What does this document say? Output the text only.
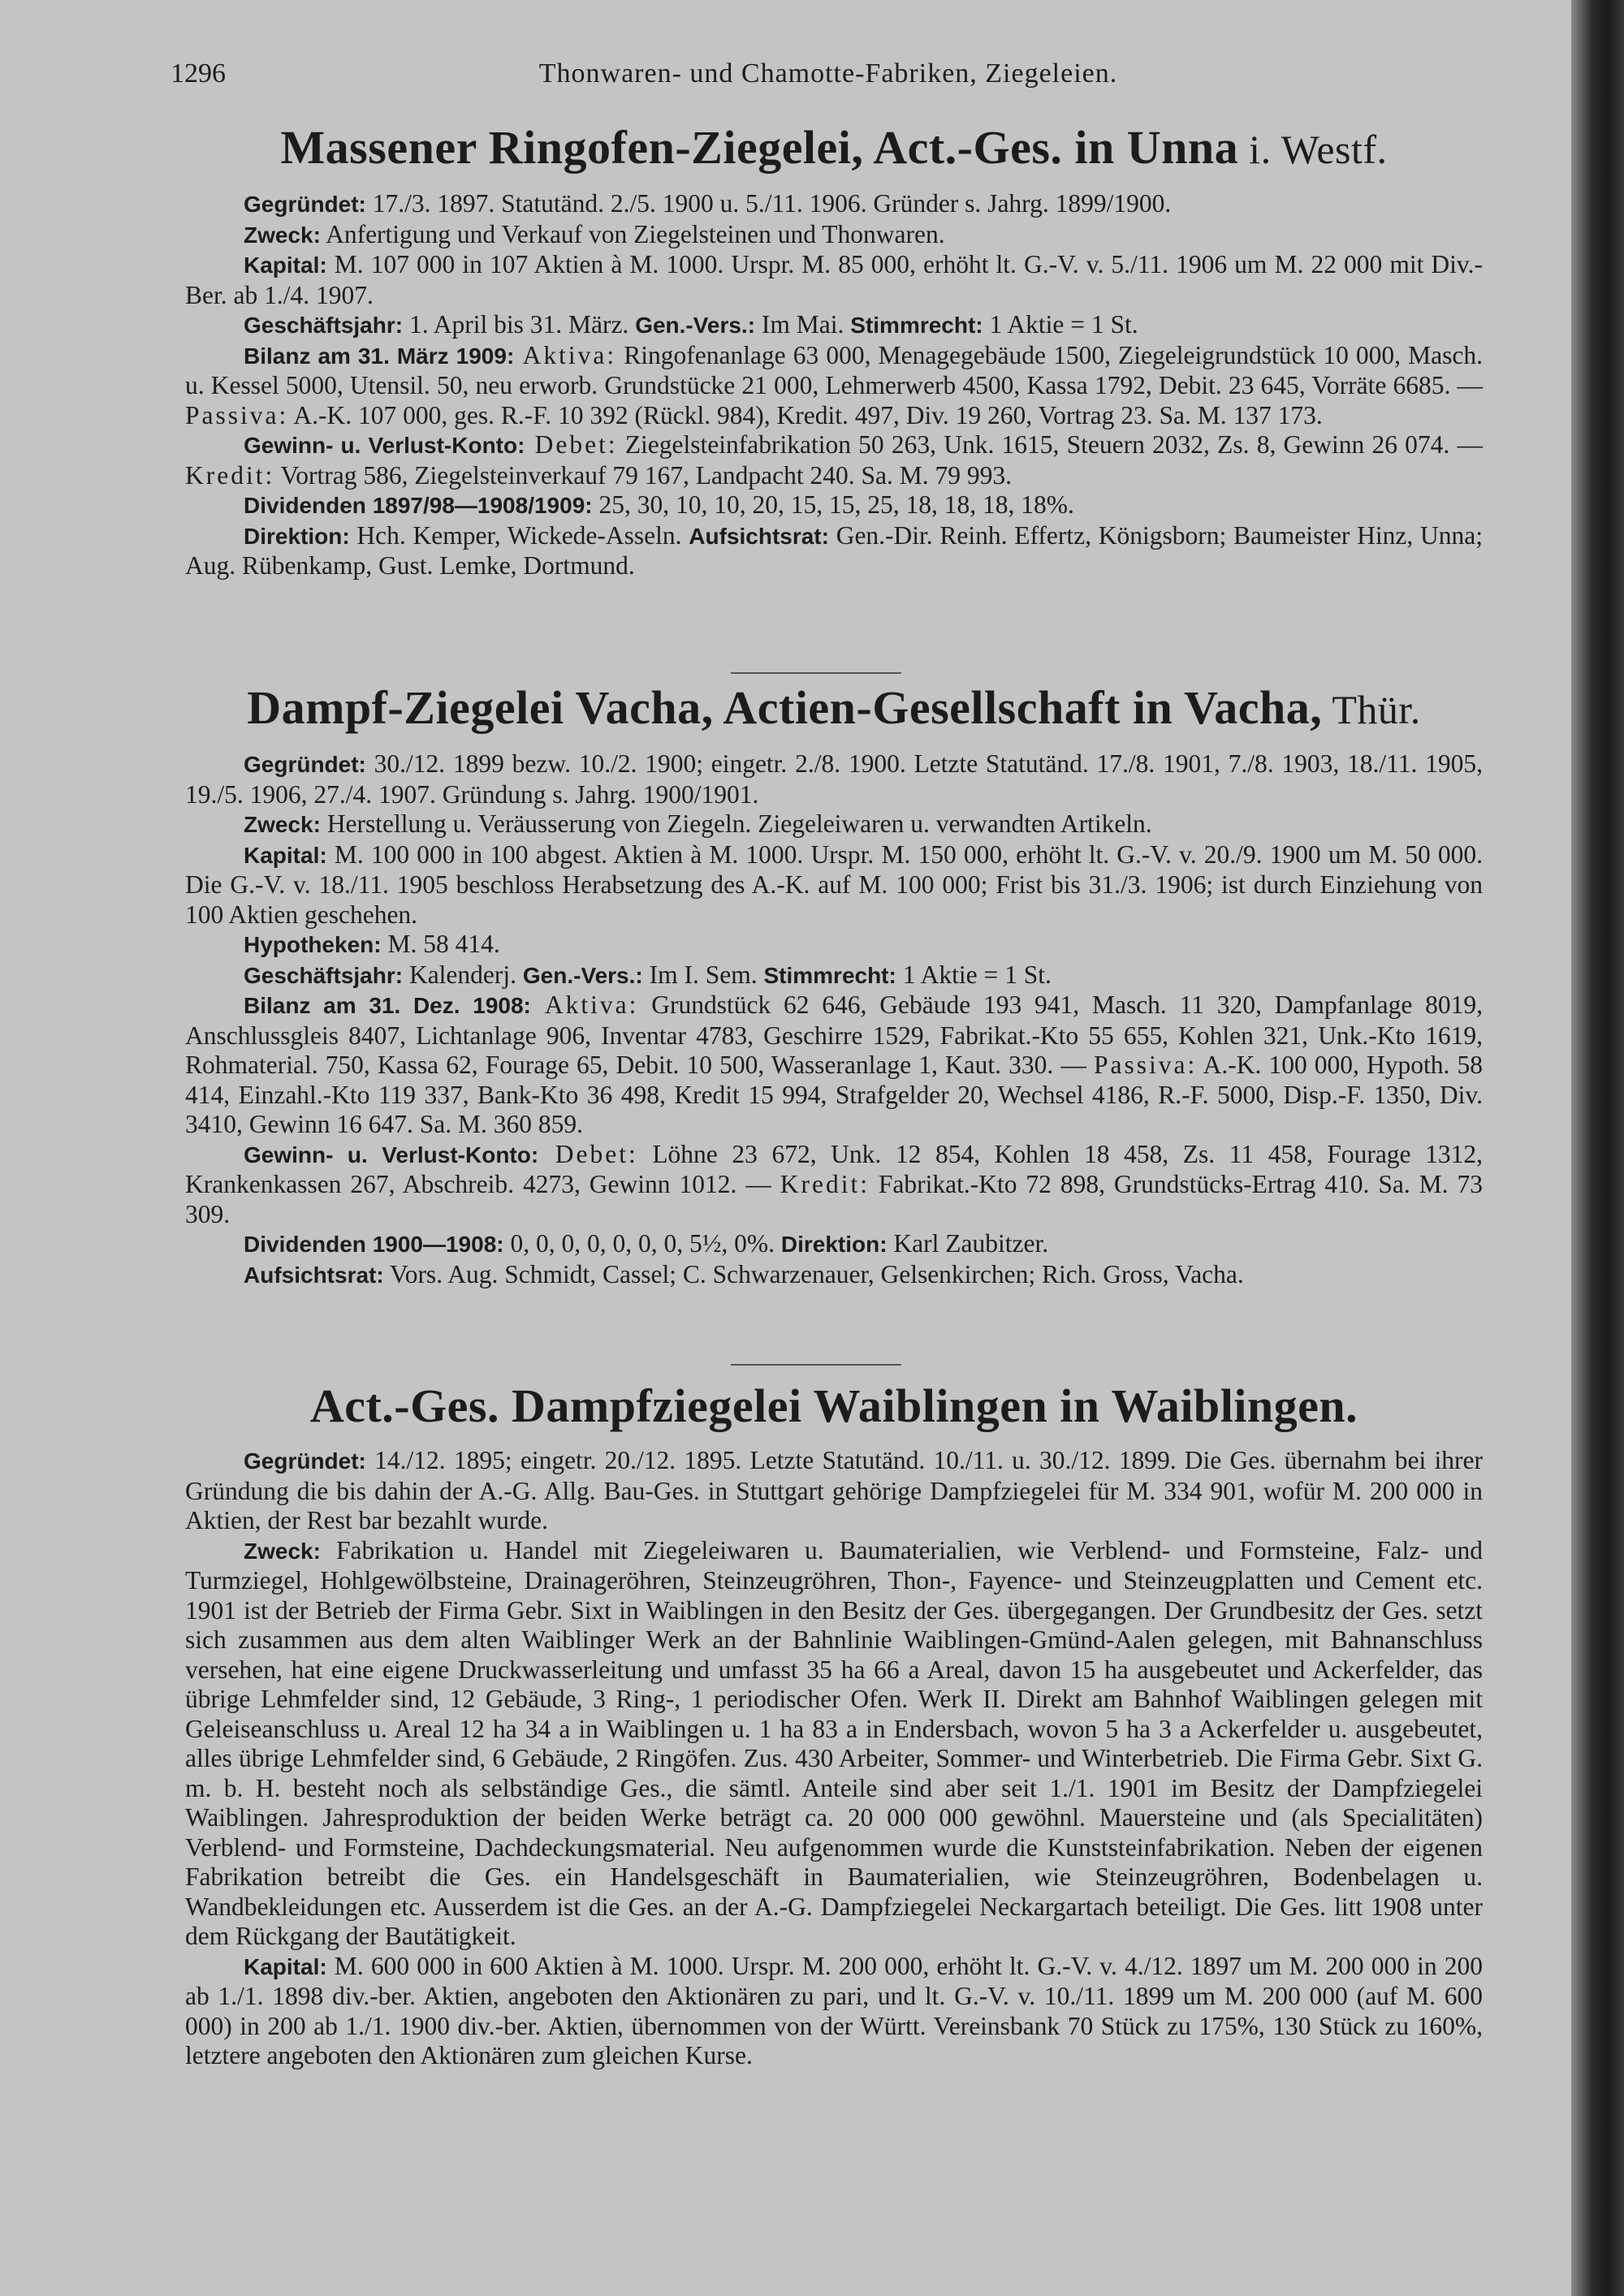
1296	Thonwaren- und Chamotte-Fabriken, Ziegeleien.
Massener Ringofen-Ziegelei, Act.-Ges. in Unna i. Westf.

Gegründet: 17./3. 1897. Statutänd. 2./5. 1900 u. 5./11. 1906. Gründer s. Jahrg. 1899/1900.

Zweck: Anfertigung und Verkauf von Ziegelsteinen und Thonwaren.

Kapital: M. 107 000 in 107 Aktien à M. 1000. Urspr. M. 85 000, erhöht lt. G.-V. v. 5./11. 1906 um M. 22 000 mit Div.-Ber. ab 1./4. 1907.

Geschäftsjahr: 1. April bis 31. März. Gen.-Vers.: Im Mai. Stimmrecht: 1 Aktie = 1 St.

Bilanz am 31. März 1909: Aktiva: Ringofenanlage 63 000, Menagegebäude 1500, Ziegeleigrundstück 10 000, Masch. u. Kessel 5000, Utensil. 50, neu erworb. Grundstücke 21 000, Lehmerwerb 4500, Kassa 1792, Debit. 23 645, Vorräte 6685. — Passiva: A.-K. 107 000, ges. R.-F. 10 392 (Rückl. 984), Kredit. 497, Div. 19 260, Vortrag 23. Sa. M. 137 173.

Gewinn- u. Verlust-Konto: Debet: Ziegelsteinfabrikation 50 263, Unk. 1615, Steuern 2032, Zs. 8, Gewinn 26 074. — Kredit: Vortrag 586, Ziegelsteinverkauf 79 167, Landpacht 240. Sa. M. 79 993.

Dividenden 1897/98—1908/1909: 25, 30, 10, 10, 20, 15, 15, 25, 18, 18, 18, 18%.

Direktion: Hch. Kemper, Wickede-Asseln. Aufsichtsrat: Gen.-Dir. Reinh. Effertz, Königsborn; Baumeister Hinz, Unna; Aug. Rübenkamp, Gust. Lemke, Dortmund.

Dampf-Ziegelei Vacha, Actien-Gesellschaft in Vacha, Thür.

Gegründet: 30./12. 1899 bezw. 10./2. 1900; eingetr. 2./8. 1900. Letzte Statutänd. 17./8. 1901, 7./8. 1903, 18./11. 1905, 19./5. 1906, 27./4. 1907. Gründung s. Jahrg. 1900/1901.

Zweck: Herstellung u. Veräusserung von Ziegeln. Ziegeleiwaren u. verwandten Artikeln.

Kapital: M. 100 000 in 100 abgest. Aktien à M. 1000. Urspr. M. 150 000, erhöht lt. G.-V. v. 20./9. 1900 um M. 50 000. Die G.-V. v. 18./11. 1905 beschloss Herabsetzung des A.-K. auf M. 100 000; Frist bis 31./3. 1906; ist durch Einziehung von 100 Aktien geschehen.

Hypotheken: M. 58 414.

Geschäftsjahr: Kalenderj. Gen.-Vers.: Im I. Sem. Stimmrecht: 1 Aktie = 1 St.

Bilanz am 31. Dez. 1908: Aktiva: Grundstück 62 646, Gebäude 193 941, Masch. 11 320, Dampfanlage 8019, Anschlussgleis 8407, Lichtanlage 906, Inventar 4783, Geschirre 1529, Fabrikat.-Kto 55 655, Kohlen 321, Unk.-Kto 1619, Rohmaterial. 750, Kassa 62, Fourage 65, Debit. 10 500, Wasseranlage 1, Kaut. 330. — Passiva: A.-K. 100 000, Hypoth. 58 414, Einzahl.-Kto 119 337, Bank-Kto 36 498, Kredit 15 994, Strafgelder 20, Wechsel 4186, R.-F. 5000, Disp.-F. 1350, Div. 3410, Gewinn 16 647. Sa. M. 360 859.

Gewinn- u. Verlust-Konto: Debet: Löhne 23 672, Unk. 12 854, Kohlen 18 458, Zs. 11 458, Fourage 1312, Krankenkassen 267, Abschreib. 4273, Gewinn 1012. — Kredit: Fabrikat.-Kto 72 898, Grundstücks-Ertrag 410. Sa. M. 73 309.

Dividenden 1900—1908: 0, 0, 0, 0, 0, 0, 0, 5½, 0%. Direktion: Karl Zaubitzer.

Aufsichtsrat: Vors. Aug. Schmidt, Cassel; C. Schwarzenauer, Gelsenkirchen; Rich. Gross, Vacha.

Act.-Ges. Dampfziegelei Waiblingen in Waiblingen.

Gegründet: 14./12. 1895; eingetr. 20./12. 1895. Letzte Statutänd. 10./11. u. 30./12. 1899. Die Ges. übernahm bei ihrer Gründung die bis dahin der A.-G. Allg. Bau-Ges. in Stuttgart gehörige Dampfziegelei für M. 334 901, wofür M. 200 000 in Aktien, der Rest bar bezahlt wurde.

Zweck: Fabrikation u. Handel mit Ziegeleiwaren u. Baumaterialien, wie Verblend- und Formsteine, Falz- und Turmziegel, Hohlgewölbsteine, Drainageröhren, Steinzeugröhren, Thon-, Fayence- und Steinzeugplatten und Cement etc. 1901 ist der Betrieb der Firma Gebr. Sixt in Waiblingen in den Besitz der Ges. übergegangen. Der Grundbesitz der Ges. setzt sich zusammen aus dem alten Waiblinger Werk an der Bahnlinie Waiblingen-Gmünd-Aalen gelegen, mit Bahnanschluss versehen, hat eine eigene Druckwasserleitung und umfasst 35 ha 66 a Areal, davon 15 ha ausgebeutet und Ackerfelder, das übrige Lehmfelder sind, 12 Gebäude, 3 Ring-, 1 periodischer Ofen. Werk II. Direkt am Bahnhof Waiblingen gelegen mit Geleiseanschluss u. Areal 12 ha 34 a in Waiblingen u. 1 ha 83 a in Endersbach, wovon 5 ha 3 a Ackerfelder u. ausgebeutet, alles übrige Lehmfelder sind, 6 Gebäude, 2 Ringöfen. Zus. 430 Arbeiter, Sommer- und Winterbetrieb. Die Firma Gebr. Sixt G. m. b. H. besteht noch als selbständige Ges., die sämtl. Anteile sind aber seit 1./1. 1901 im Besitz der Dampfziegelei Waiblingen. Jahresproduktion der beiden Werke beträgt ca. 20 000 000 gewöhnl. Mauersteine und (als Specialitäten) Verblend- und Formsteine, Dachdeckungsmaterial. Neu aufgenommen wurde die Kunststeinfabrikation. Neben der eigenen Fabrikation betreibt die Ges. ein Handelsgeschäft in Baumaterialien, wie Steinzeugröhren, Bodenbelagen u. Wandbekleidungen etc. Ausserdem ist die Ges. an der A.-G. Dampfziegelei Neckargartach beteiligt. Die Ges. litt 1908 unter dem Rückgang der Bautätigkeit.

Kapital: M. 600 000 in 600 Aktien à M. 1000. Urspr. M. 200 000, erhöht lt. G.-V. v. 4./12. 1897 um M. 200 000 in 200 ab 1./1. 1898 div.-ber. Aktien, angeboten den Aktionären zu pari, und lt. G.-V. v. 10./11. 1899 um M. 200 000 (auf M. 600 000) in 200 ab 1./1. 1900 div.-ber. Aktien, übernommen von der Württ. Vereinsbank 70 Stück zu 175%, 130 Stück zu 160%, letztere angeboten den Aktionären zum gleichen Kurse.
